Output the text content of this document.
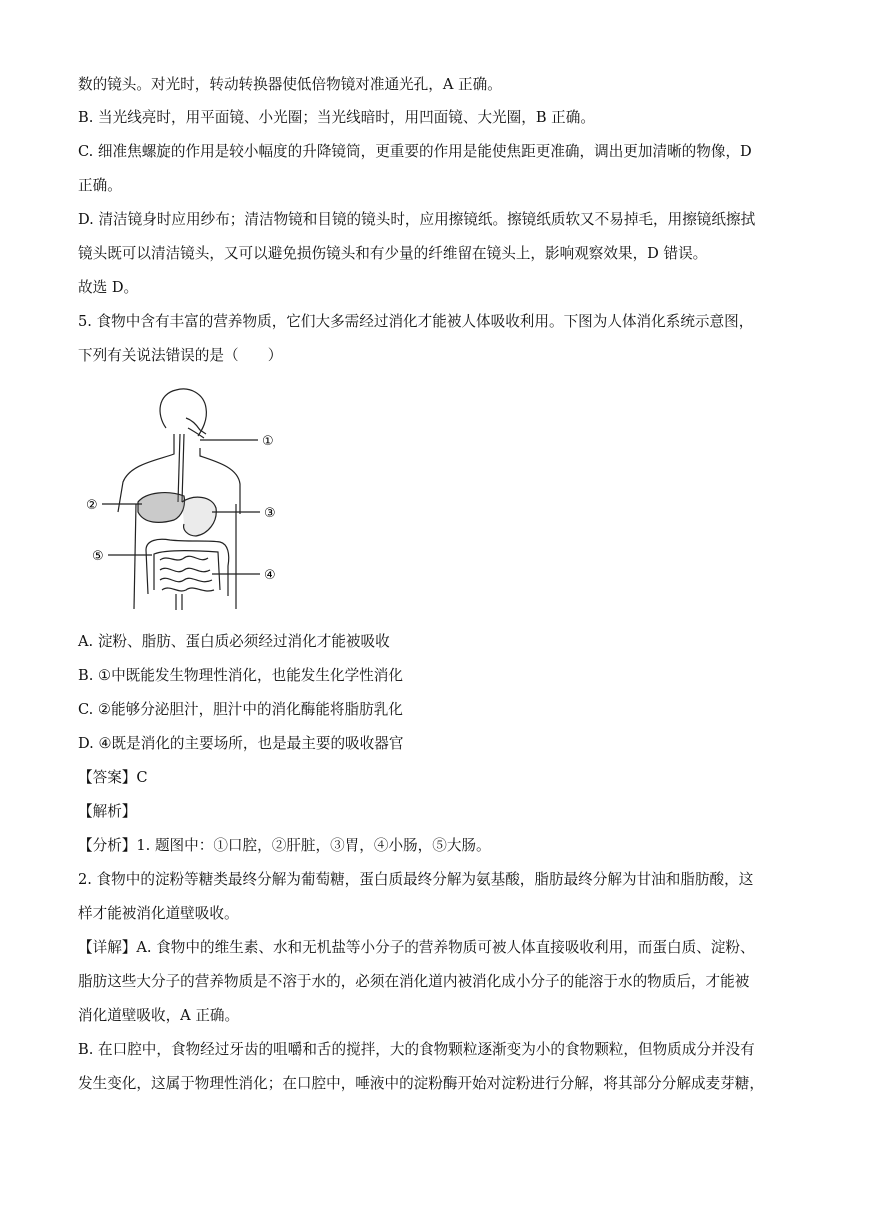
数的镜头。对光时，转动转换器使低倍物镜对准通光孔，A 正确。
B. 当光线亮时，用平面镜、小光圈；当光线暗时，用凹面镜、大光圈，B 正确。
C. 细准焦螺旋的作用是较小幅度的升降镜筒，更重要的作用是能使焦距更准确，调出更加清晰的物像，D
正确。
D. 清洁镜身时应用纱布；清洁物镜和目镜的镜头时，应用擦镜纸。擦镜纸质软又不易掉毛，用擦镜纸擦拭
镜头既可以清洁镜头，又可以避免损伤镜头和有少量的纤维留在镜头上，影响观察效果，D 错误。
故选 D。
5. 食物中含有丰富的营养物质，它们大多需经过消化才能被人体吸收利用。下图为人体消化系统示意图，
下列有关说法错误的是（　　）
①
②
③
④
⑤
A. 淀粉、脂肪、蛋白质必须经过消化才能被吸收
B. ①中既能发生物理性消化，也能发生化学性消化
C. ②能够分泌胆汁，胆汁中的消化酶能将脂肪乳化
D. ④既是消化的主要场所，也是最主要的吸收器官
【答案】C
【解析】
【分析】1. 题图中：①口腔，②肝脏，③胃，④小肠，⑤大肠。
2. 食物中的淀粉等糖类最终分解为葡萄糖，蛋白质最终分解为氨基酸，脂肪最终分解为甘油和脂肪酸，这
样才能被消化道壁吸收。
【详解】A. 食物中的维生素、水和无机盐等小分子的营养物质可被人体直接吸收利用，而蛋白质、淀粉、
脂肪这些大分子的营养物质是不溶于水的，必须在消化道内被消化成小分子的能溶于水的物质后，才能被
消化道壁吸收，A 正确。
B. 在口腔中，食物经过牙齿的咀嚼和舌的搅拌，大的食物颗粒逐渐变为小的食物颗粒，但物质成分并没有
发生变化，这属于物理性消化；在口腔中，唾液中的淀粉酶开始对淀粉进行分解，将其部分分解成麦芽糖，
